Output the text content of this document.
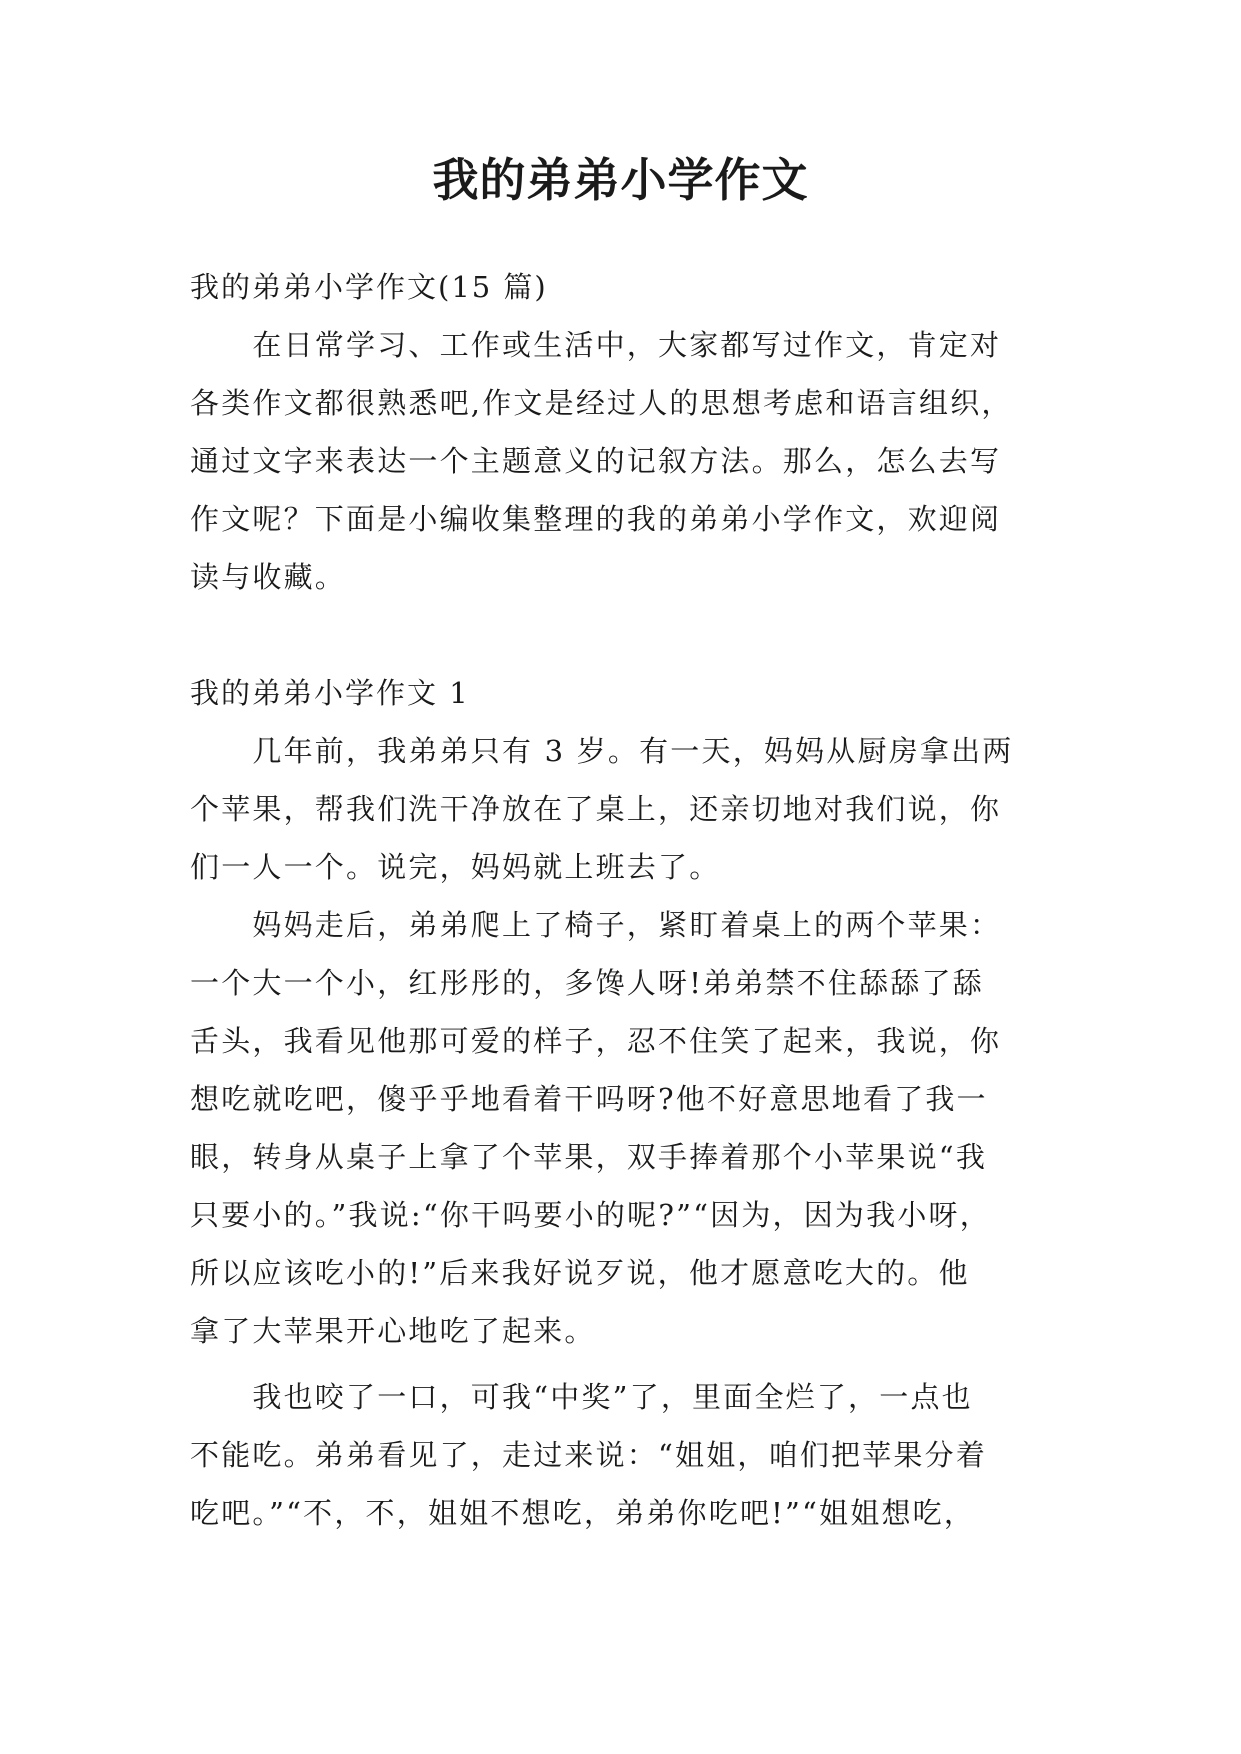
我的弟弟小学作文

我的弟弟小学作文(15 篇)

　　在日常学习、工作或生活中，大家都写过作文，肯定对

各类作文都很熟悉吧,作文是经过人的思想考虑和语言组织，

通过文字来表达一个主题意义的记叙方法。那么，怎么去写

作文呢？下面是小编收集整理的我的弟弟小学作文，欢迎阅

读与收藏。

我的弟弟小学作文 1

　　几年前，我弟弟只有 3 岁。有一天，妈妈从厨房拿出两

个苹果，帮我们洗干净放在了桌上，还亲切地对我们说，你

们一人一个。说完，妈妈就上班去了。

　　妈妈走后，弟弟爬上了椅子，紧盯着桌上的两个苹果：

一个大一个小，红彤彤的，多馋人呀!弟弟禁不住舔舔了舔

舌头，我看见他那可爱的样子，忍不住笑了起来，我说，你

想吃就吃吧，傻乎乎地看着干吗呀?他不好意思地看了我一

眼，转身从桌子上拿了个苹果，双手捧着那个小苹果说“我

只要小的。”我说:“你干吗要小的呢?”“因为，因为我小呀，

所以应该吃小的!”后来我好说歹说，他才愿意吃大的。他

拿了大苹果开心地吃了起来。

　　我也咬了一口，可我“中奖”了，里面全烂了，一点也

不能吃。弟弟看见了，走过来说：“姐姐，咱们把苹果分着

吃吧。”“不，不，姐姐不想吃，弟弟你吃吧!”“姐姐想吃，
